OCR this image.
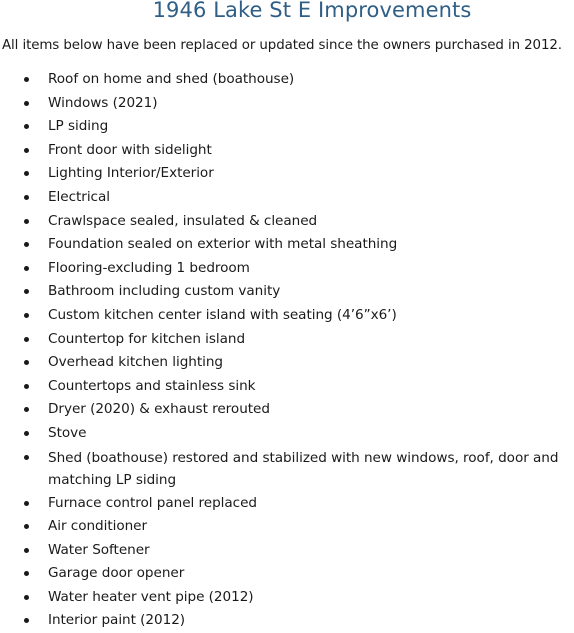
1946 Lake St E Improvements
All items below have been replaced or updated since the owners purchased in 2012.
Roof on home and shed (boathouse)
Windows (2021)
LP siding
Front door with sidelight
Lighting Interior/Exterior
Electrical
Crawlspace sealed, insulated & cleaned
Foundation sealed on exterior with metal sheathing
Flooring-excluding 1 bedroom
Bathroom including custom vanity
Custom kitchen center island with seating (4’6”x6’)
Countertop for kitchen island
Overhead kitchen lighting
Countertops and stainless sink
Dryer (2020) & exhaust rerouted
Stove
Shed (boathouse) restored and stabilized with new windows, roof, door and matching LP siding
Furnace control panel replaced
Air conditioner
Water Softener
Garage door opener
Water heater vent pipe (2012)
Interior paint (2012)
